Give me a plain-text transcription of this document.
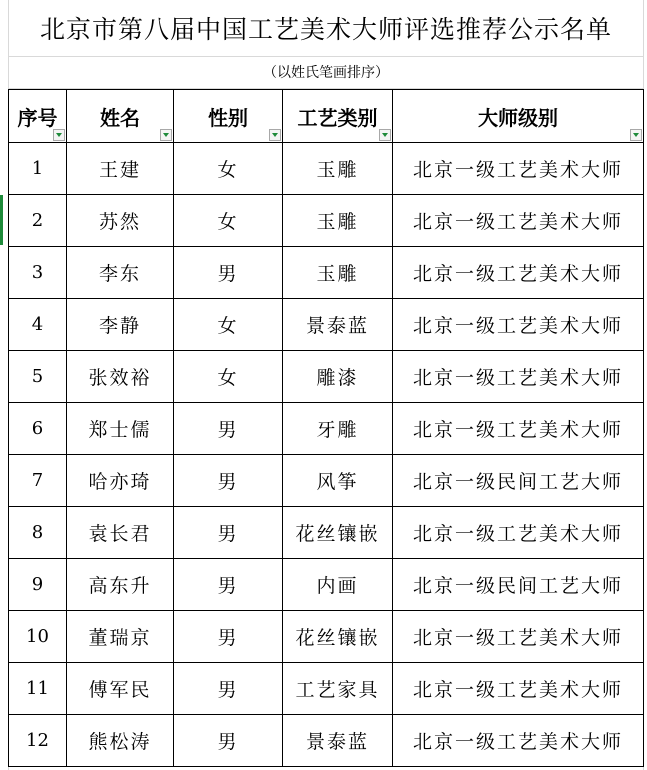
北京市第八届中国工艺美术大师评选推荐公示名单
（以姓氏笔画排序）
序号	姓名	性别	工艺类别	大师级别

1	王建	女	玉雕	北京一级工艺美术大师
2	苏然	女	玉雕	北京一级工艺美术大师
3	李东	男	玉雕	北京一级工艺美术大师
4	李静	女	景泰蓝	北京一级工艺美术大师
5	张效裕	女	雕漆	北京一级工艺美术大师
6	郑士儒	男	牙雕	北京一级工艺美术大师
7	哈亦琦	男	风筝	北京一级民间工艺大师
8	袁长君	男	花丝镶嵌	北京一级工艺美术大师
9	高东升	男	内画	北京一级民间工艺大师
10	董瑞京	男	花丝镶嵌	北京一级工艺美术大师
11	傅军民	男	工艺家具	北京一级工艺美术大师
12	熊松涛	男	景泰蓝	北京一级工艺美术大师
